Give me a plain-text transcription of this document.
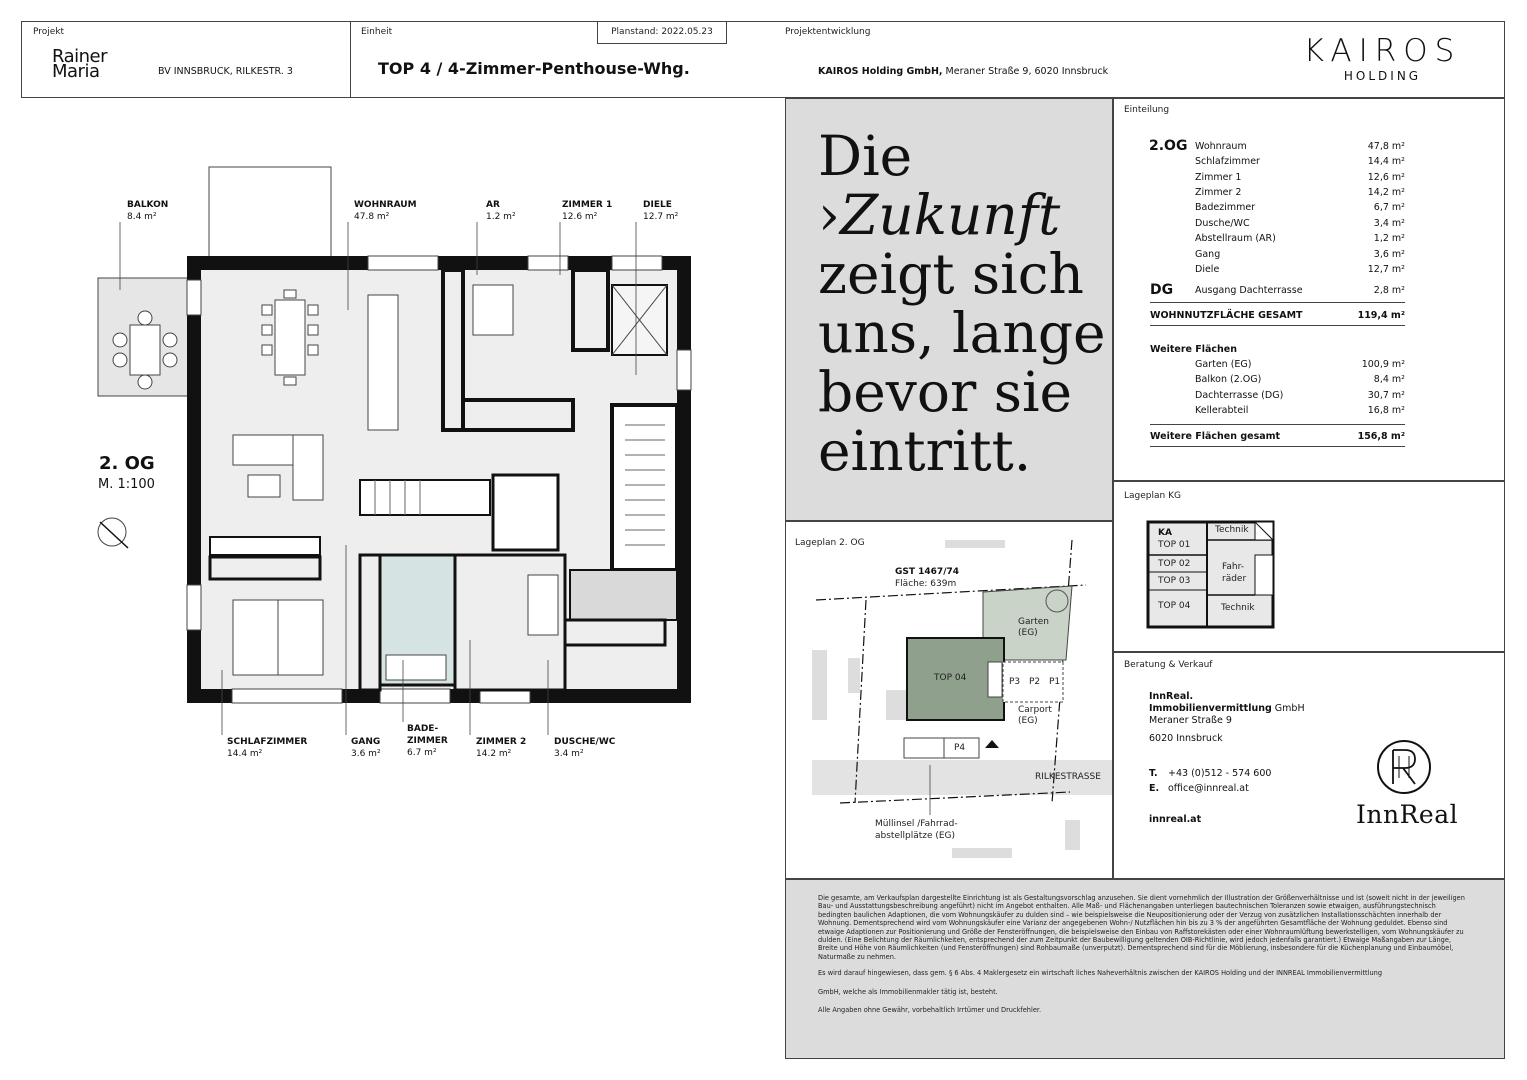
Projekt
Rainer
Maria	BV INNSBRUCK, RILKESTR. 3
Einheit
TOP 4 / 4-Zimmer-Penthouse-Whg.
Planstand: 2022.05.23	Projektentwicklung
KAIROS Holding GmbH, Meraner Straße 9, 6020 Innsbruck
KAIROS
HOLDING
BALKON
8.4 m²
WOHNRAUM
47.8 m²
AR
1.2 m²
ZIMMER 1
12.6 m²
DIELE
12.7 m²
SCHLAFZIMMER
14.4 m²
GANG
3.6 m²
BADE-
ZIMMER
6.7 m²
ZIMMER 2
14.2 m²
DUSCHE/WC
3.4 m²
2. OG
M. 1:100
Die
›Zukunft
zeigt sich
uns, lange
bevor sie
eintritt.
Einteilung
2.OG Wohnraum	47,8 m²
Schlafzimmer	14,4 m²
Zimmer 1	12,6 m²
Zimmer 2	14,2 m²
Badezimmer	6,7 m²
Dusche/WC	3,4 m²
Abstellraum (AR)	1,2 m²
Gang	3,6 m²
Diele	12,7 m²
DG Ausgang Dachterrasse	2,8 m²
WOHNNUTZFLÄCHE GESAMT	119,4 m²
Weitere Flächen
Garten (EG)	100,9 m²
Balkon (2.OG)	8,4 m²
Dachterrasse (DG)	30,7 m²
Kellerabteil	16,8 m²
Weitere Flächen gesamt	156,8 m²
Lageplan 2. OG
GST 1467/74
Fläche: 639m
Garten
(EG)
TOP 04	P3 P2 P1
Carport
(EG)
P4
RILKESTRASSE
Müllinsel /Fahrrad-
abstellplätze (EG)
Lageplan KG
KA
TOP 01
TOP 02
TOP 03
TOP 04
Technik
Fahr-
räder
Technik
Beratung & Verkauf
InnReal.
Immobilienvermittlung GmbH
Meraner Straße 9
6020 Innsbruck
T. +43 (0)512 - 574 600
E. office@innreal.at
innreal.at	InnReal

Die gesamte, am Verkaufsplan dargestellte Einrichtung ist als Gestaltungsvorschlag anzusehen. Sie dient vornehmlich der Illustration der Größenverhältnisse und ist (soweit nicht in der jeweiligen Bau- und Ausstattungsbeschreibung angeführt) nicht im Angebot enthalten. Alle Maß- und Flächenangaben unterliegen bautechnischen Toleranzen sowie etwaigen, ausführungstechnisch bedingten baulichen Adaptionen, die vom Wohnungskäufer zu dulden sind – wie beispielsweise die Neupositionierung oder der Verzug von zusätzlichen Installationsschächten innerhalb der Wohnung. Dementsprechend wird vom Wohnungskäufer eine Varianz der angegebenen Wohn-/ Nutzflächen hin bis zu 3 % der angeführten Gesamtfläche der Wohnung geduldet. Ebenso sind etwaige Adaptionen zur Positionierung und Größe der Fensteröffnungen, die beispielsweise den Einbau von Raffstorekästen oder einer Wohnraumlüftung bewerkstelligen, vom Wohnungskäufer zu dulden. (Eine Belichtung der Räumlichkeiten, entsprechend der zum Zeitpunkt der Baubewilligung geltenden OIB-Richtlinie, wird jedoch jedenfalls garantiert.) Etwaige Maßangaben zur Länge, Breite und Höhe von Räumlichkeiten (und Fensteröffnungen) sind Rohbaumaße (unverputzt). Dementsprechend sind für die Möblierung, insbesondere für die Küchenplanung und Einbaumöbel, Naturmaße zu nehmen.

Es wird darauf hingewiesen, dass gem. § 6 Abs. 4 Maklergesetz ein wirtschaft liches Naheverhältnis zwischen der KAIROS Holding und der INNREAL Immobilienvermittlung

GmbH, welche als Immobilienmakler tätig ist, besteht.

Alle Angaben ohne Gewähr, vorbehaltlich Irrtümer und Druckfehler.
